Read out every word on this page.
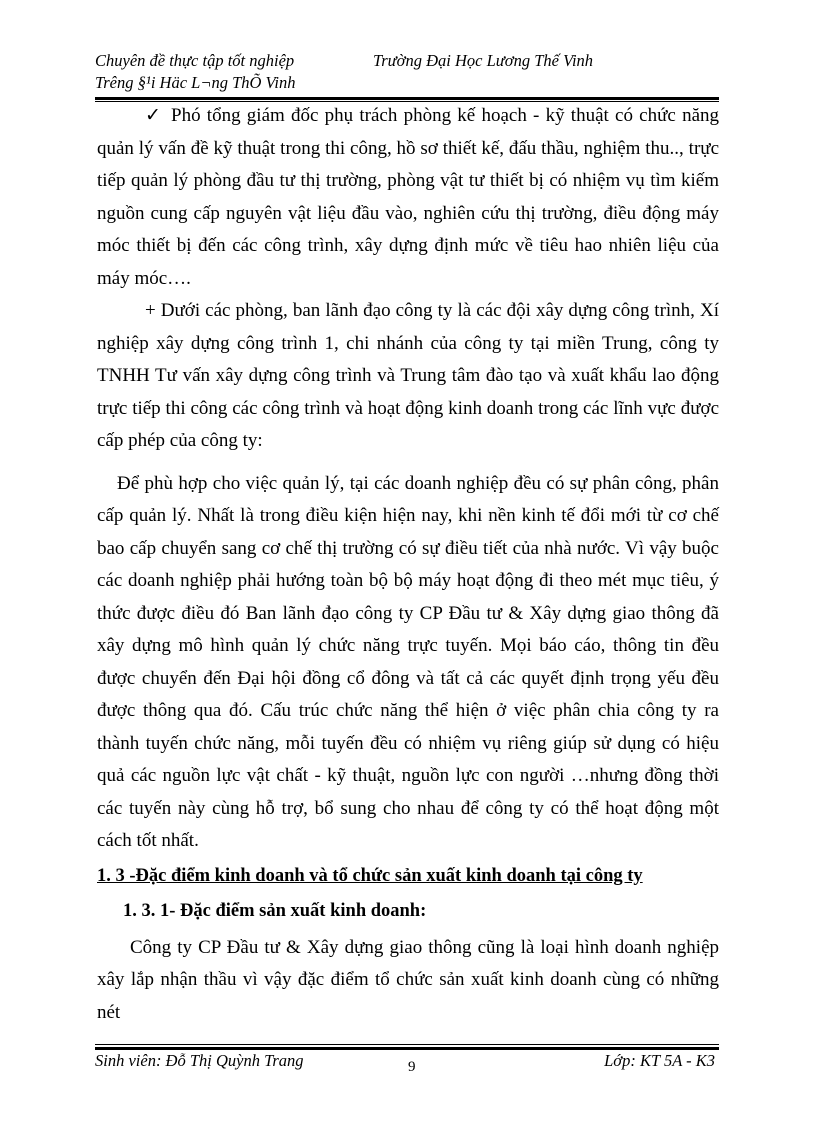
Chuyên đề thực tập tốt nghiệp	Trường Đại Học Lương Thế Vinh
Trêng §¹i Häc L¬ng ThÕ Vinh

✓ Phó tổng giám đốc phụ trách phòng kế hoạch - kỹ thuật có chức năng quản lý vấn đề kỹ thuật trong thi công, hồ sơ thiết kế, đấu thầu, nghiệm thu.., trực tiếp quản lý phòng đầu tư thị trường, phòng vật tư thiết bị có nhiệm vụ tìm kiếm nguồn cung cấp nguyên vật liệu đầu vào, nghiên cứu thị trường, điều động máy móc thiết bị đến các công trình, xây dựng định mức về tiêu hao nhiên liệu của máy móc….

+ Dưới các phòng, ban lãnh đạo công ty là các đội xây dựng công trình, Xí nghiệp xây dựng công trình 1, chi nhánh của công ty tại miền Trung, công ty TNHH Tư vấn xây dựng công trình và Trung tâm đào tạo và xuất khẩu lao động trực tiếp thi công các công trình và hoạt động kinh doanh trong các lĩnh vực được cấp phép của công ty:

Để phù hợp cho việc quản lý, tại các doanh nghiệp đều có sự phân công, phân cấp quản lý. Nhất là trong điều kiện hiện nay, khi nền kinh tế đổi mới từ cơ chế bao cấp chuyển sang cơ chế thị trường có sự điều tiết của nhà nước. Vì vậy buộc các doanh nghiệp phải hướng toàn bộ bộ máy hoạt động đi theo mét mục tiêu, ý thức được điều đó Ban lãnh đạo công ty CP Đầu tư & Xây dựng giao thông đã xây dựng mô hình quản lý chức năng trực tuyến. Mọi báo cáo, thông tin đều được chuyển đến Đại hội đồng cổ đông và tất cả các quyết định trọng yếu đều được thông qua đó. Cấu trúc chức năng thể hiện ở việc phân chia công ty ra thành tuyến chức năng, mỗi tuyến đều có nhiệm vụ riêng giúp sử dụng có hiệu quả các nguồn lực vật chất - kỹ thuật, nguồn lực con người …nhưng đồng thời các tuyến này cùng hỗ trợ, bổ sung cho nhau để công ty có thể hoạt động một cách tốt nhất.

1. 3 -Đặc điểm kinh doanh và tổ chức sản xuất kinh doanh tại công ty

1. 3. 1- Đặc điểm sản xuất kinh doanh:

Công ty CP Đầu tư & Xây dựng giao thông cũng là loại hình doanh nghiệp xây lắp nhận thầu vì vậy đặc điểm tổ chức sản xuất kinh doanh cùng có những nét

Sinh viên: Đỗ Thị Quỳnh Trang	9	Lớp: KT 5A - K3
